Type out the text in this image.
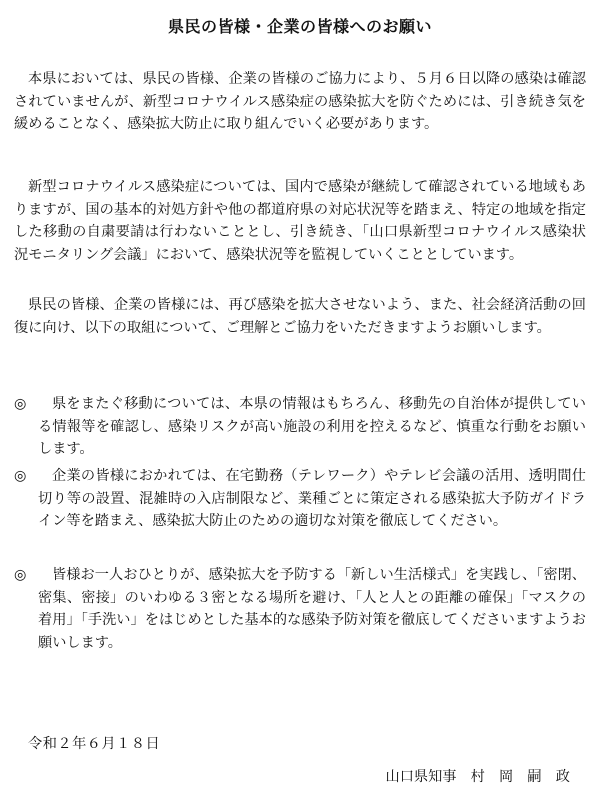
県民の皆様・企業の皆様へのお願い
本県においては、県民の皆様、企業の皆様のご協力により、５月６日以降の感染は確認されていませんが、新型コロナウイルス感染症の感染拡大を防ぐためには、引き続き気を緩めることなく、感染拡大防止に取り組んでいく必要があります。
新型コロナウイルス感染症については、国内で感染が継続して確認されている地域もありますが、国の基本的対処方針や他の都道府県の対応状況等を踏まえ、特定の地域を指定した移動の自粛要請は行わないこととし、引き続き、「山口県新型コロナウイルス感染状況モニタリング会議」において、感染状況等を監視していくこととしています。
県民の皆様、企業の皆様には、再び感染を拡大させないよう、また、社会経済活動の回復に向け、以下の取組について、ご理解とご協力をいただきますようお願いします。
◎	県をまたぐ移動については、本県の情報はもちろん、移動先の自治体が提供している情報等を確認し、感染リスクが高い施設の利用を控えるなど、慎重な行動をお願いします。
◎	企業の皆様におかれては、在宅勤務（テレワーク）やテレビ会議の活用、透明間仕切り等の設置、混雑時の入店制限など、業種ごとに策定される感染拡大予防ガイドライン等を踏まえ、感染拡大防止のための適切な対策を徹底してください。
◎	皆様お一人おひとりが、感染拡大を予防する「新しい生活様式」を実践し、「密閉、密集、密接」のいわゆる３密となる場所を避け、「人と人との距離の確保」「マスクの着用」「手洗い」をはじめとした基本的な感染予防対策を徹底してくださいますようお願いします。
令和２年６月１８日
山口県知事　村　岡　嗣　政
